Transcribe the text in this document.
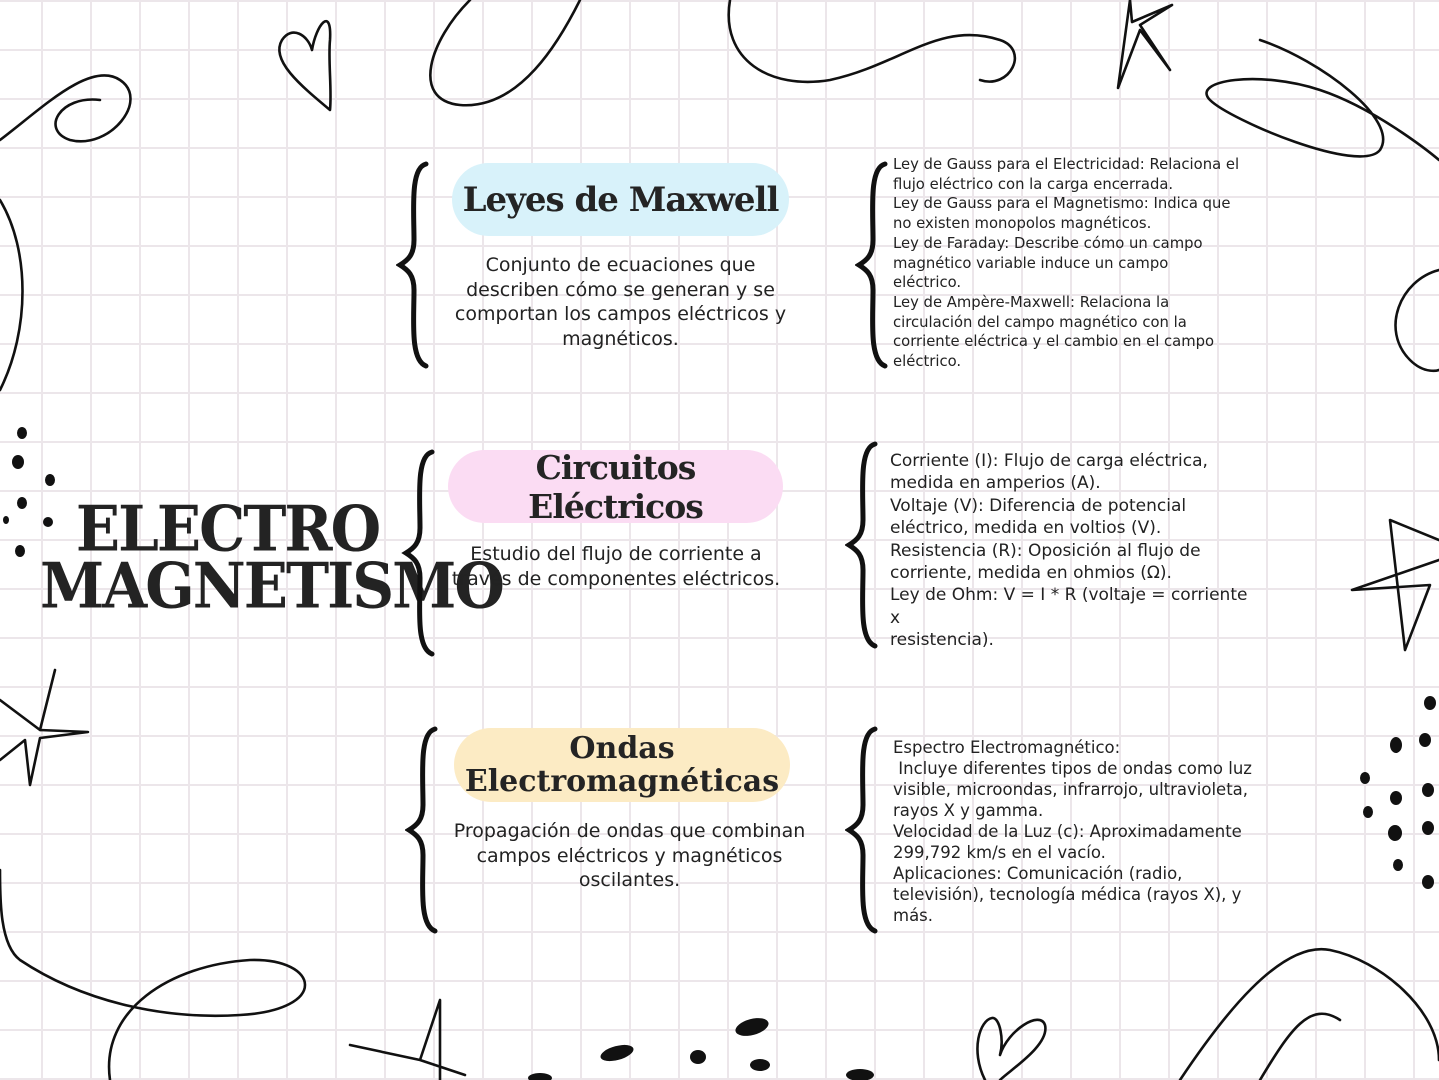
ELECTRO
MAGNETISMO
Leyes de Maxwell
Conjunto de ecuaciones que describen cómo se generan y se comportan los campos eléctricos y magnéticos.
Ley de Gauss para el Electricidad: Relaciona el
flujo eléctrico con la carga encerrada.
Ley de Gauss para el Magnetismo: Indica que
no existen monopolos magnéticos.
Ley de Faraday: Describe cómo un campo
magnético variable induce un campo
eléctrico.
Ley de Ampère-Maxwell: Relaciona la
circulación del campo magnético con la
corriente eléctrica y el cambio en el campo
eléctrico.
Circuitos Eléctricos
Estudio del flujo de corriente a través de componentes eléctricos.
Corriente (I): Flujo de carga eléctrica,
medida en amperios (A).
Voltaje (V): Diferencia de potencial
eléctrico, medida en voltios (V).
Resistencia (R): Oposición al flujo de
corriente, medida en ohmios (Ω).
Ley de Ohm: V = I * R (voltaje = corriente x
resistencia).
Ondas
Electromagnéticas
Propagación de ondas que combinan campos eléctricos y magnéticos oscilantes.
Espectro Electromagnético:
Incluye diferentes tipos de ondas como luz
visible, microondas, infrarrojo, ultravioleta,
rayos X y gamma.
Velocidad de la Luz (c): Aproximadamente
299,792 km/s en el vacío.
Aplicaciones: Comunicación (radio,
televisión), tecnología médica (rayos X), y
más.
